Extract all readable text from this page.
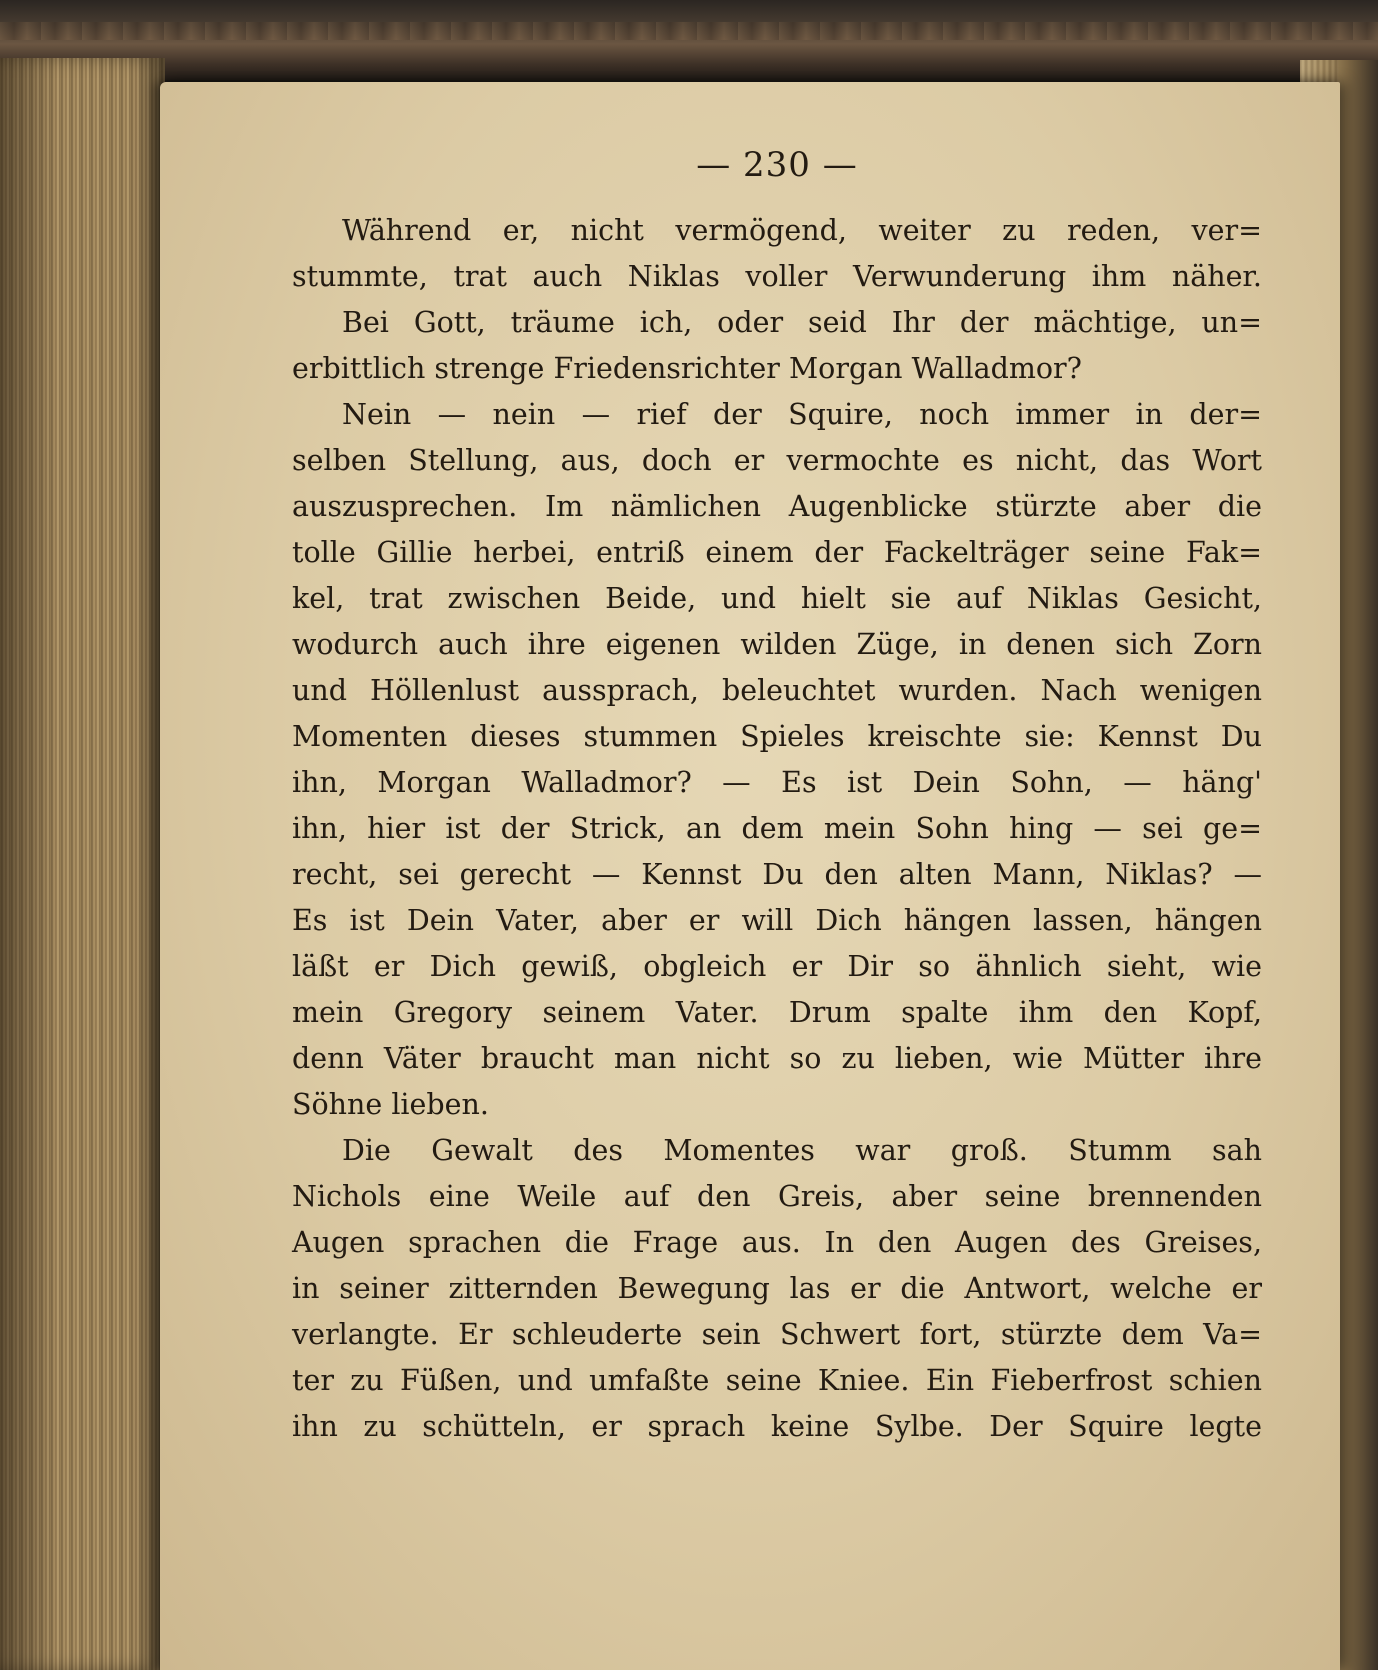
— 230 —
Während er, nicht vermögend, weiter zu reden, ver=
stummte, trat auch Niklas voller Verwunderung ihm näher.
Bei Gott, träume ich, oder seid Ihr der mächtige, un=
erbittlich strenge Friedensrichter Morgan Walladmor?
Nein — nein — rief der Squire, noch immer in der=
selben Stellung, aus, doch er vermochte es nicht, das Wort
auszusprechen. Im nämlichen Augenblicke stürzte aber die
tolle Gillie herbei, entriß einem der Fackelträger seine Fak=
kel, trat zwischen Beide, und hielt sie auf Niklas Gesicht,
wodurch auch ihre eigenen wilden Züge, in denen sich Zorn
und Höllenlust aussprach, beleuchtet wurden. Nach wenigen
Momenten dieses stummen Spieles kreischte sie: Kennst Du
ihn, Morgan Walladmor? — Es ist Dein Sohn, — häng'
ihn, hier ist der Strick, an dem mein Sohn hing — sei ge=
recht, sei gerecht — Kennst Du den alten Mann, Niklas? —
Es ist Dein Vater, aber er will Dich hängen lassen, hängen
läßt er Dich gewiß, obgleich er Dir so ähnlich sieht, wie
mein Gregory seinem Vater. Drum spalte ihm den Kopf,
denn Väter braucht man nicht so zu lieben, wie Mütter ihre
Söhne lieben.
Die Gewalt des Momentes war groß. Stumm sah
Nichols eine Weile auf den Greis, aber seine brennenden
Augen sprachen die Frage aus. In den Augen des Greises,
in seiner zitternden Bewegung las er die Antwort, welche er
verlangte. Er schleuderte sein Schwert fort, stürzte dem Va=
ter zu Füßen, und umfaßte seine Kniee. Ein Fieberfrost schien
ihn zu schütteln, er sprach keine Sylbe. Der Squire legte
